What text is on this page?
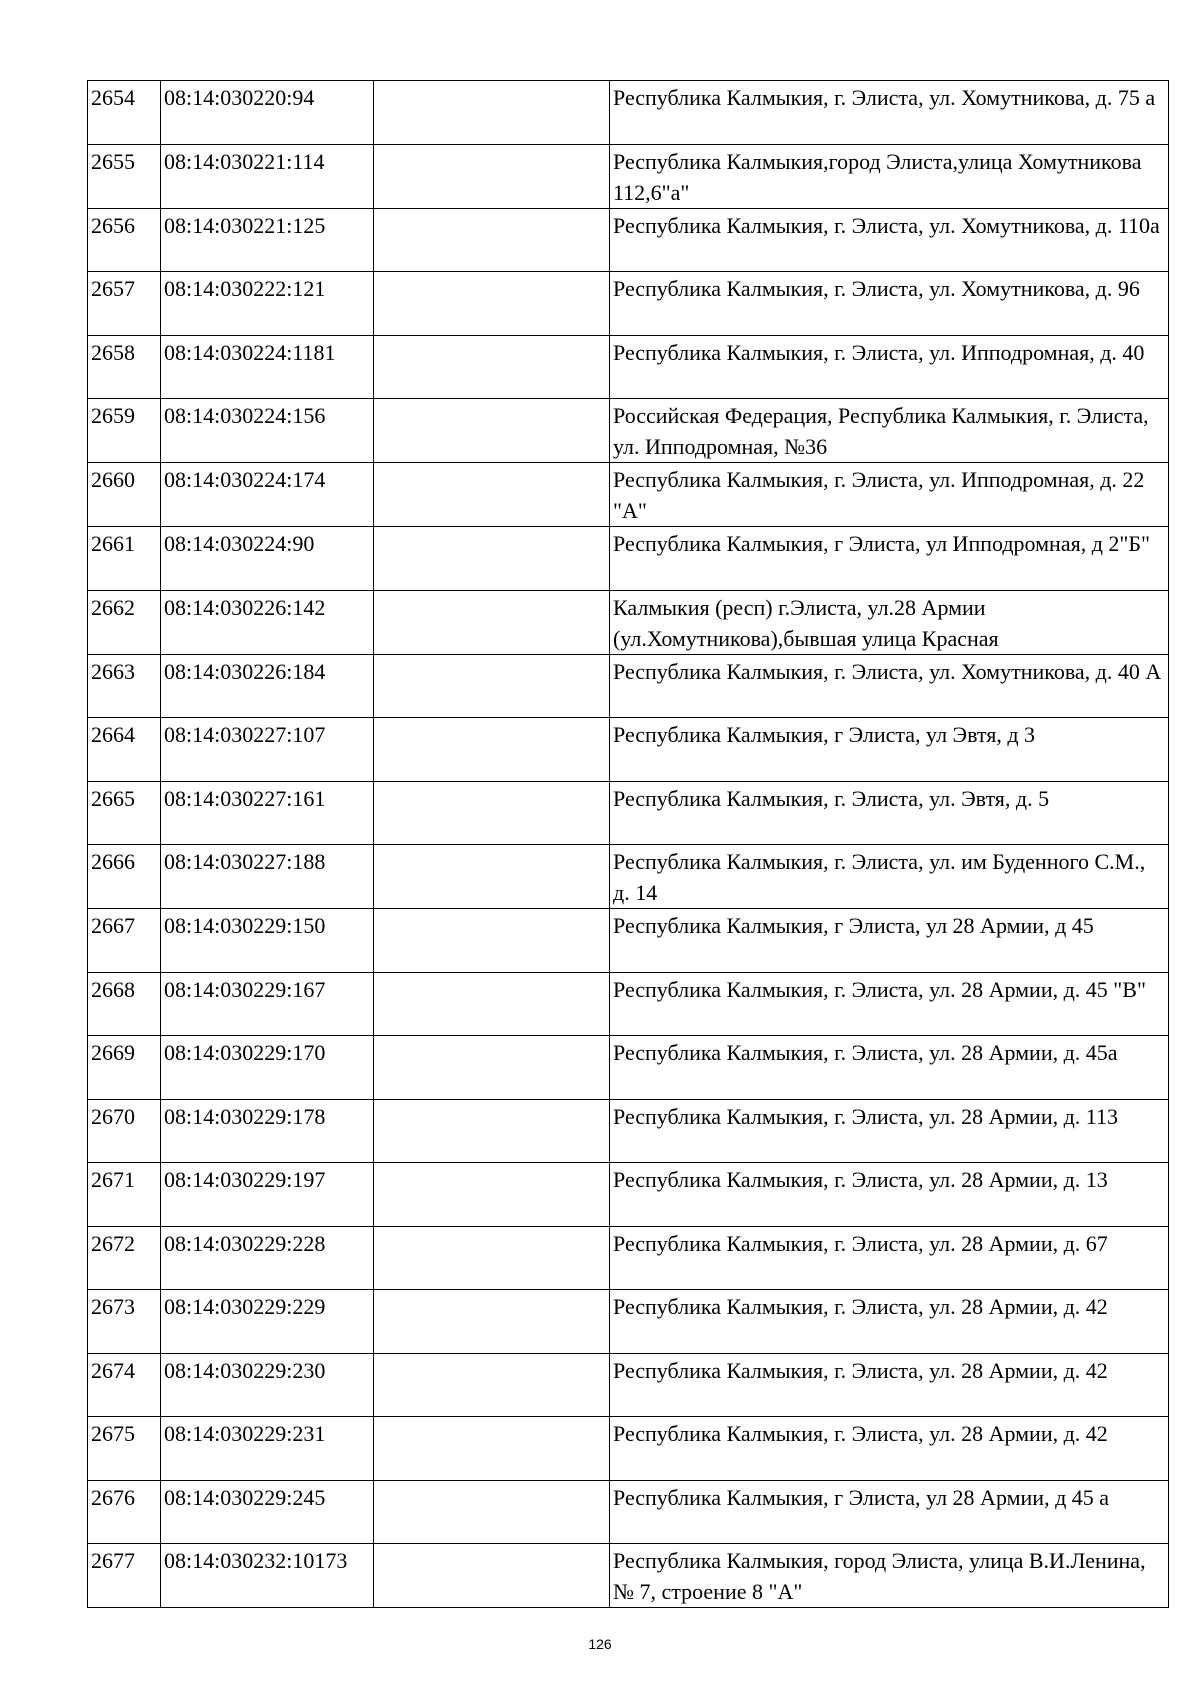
2654	08:14:030220:94		Республика Калмыкия, г. Элиста, ул. Хомутникова, д. 75 а
2655	08:14:030221:114		Республика Калмыкия,город Элиста,улица Хомутникова 112,6"а"
2656	08:14:030221:125		Республика Калмыкия, г. Элиста, ул. Хомутникова, д. 110а
2657	08:14:030222:121		Республика Калмыкия, г. Элиста, ул. Хомутникова, д. 96
2658	08:14:030224:1181		Республика Калмыкия, г. Элиста, ул. Ипподромная, д. 40
2659	08:14:030224:156		Российская Федерация, Республика Калмыкия, г. Элиста, ул. Ипподромная, №36
2660	08:14:030224:174		Республика Калмыкия, г. Элиста, ул. Ипподромная, д. 22 "А"
2661	08:14:030224:90		Республика Калмыкия, г Элиста, ул Ипподромная, д 2"Б"
2662	08:14:030226:142		Калмыкия (респ) г.Элиста, ул.28 Армии (ул.Хомутникова),бывшая улица Красная
2663	08:14:030226:184		Республика Калмыкия, г. Элиста, ул. Хомутникова, д. 40 А
2664	08:14:030227:107		Республика Калмыкия, г Элиста, ул Эвтя, д 3
2665	08:14:030227:161		Республика Калмыкия, г. Элиста, ул. Эвтя, д. 5
2666	08:14:030227:188		Республика Калмыкия, г. Элиста, ул. им Буденного С.М., д. 14
2667	08:14:030229:150		Республика Калмыкия, г Элиста, ул 28 Армии, д 45
2668	08:14:030229:167		Республика Калмыкия, г. Элиста, ул. 28 Армии, д. 45 "В"
2669	08:14:030229:170		Республика Калмыкия, г. Элиста, ул. 28 Армии, д. 45а
2670	08:14:030229:178		Республика Калмыкия, г. Элиста, ул. 28 Армии, д. 113
2671	08:14:030229:197		Республика Калмыкия, г. Элиста, ул. 28 Армии, д. 13
2672	08:14:030229:228		Республика Калмыкия, г. Элиста, ул. 28 Армии, д. 67
2673	08:14:030229:229		Республика Калмыкия, г. Элиста, ул. 28 Армии, д. 42
2674	08:14:030229:230		Республика Калмыкия, г. Элиста, ул. 28 Армии, д. 42
2675	08:14:030229:231		Республика Калмыкия, г. Элиста, ул. 28 Армии, д. 42
2676	08:14:030229:245		Республика Калмыкия, г Элиста, ул 28 Армии, д 45 а
2677	08:14:030232:10173		Республика Калмыкия, город Элиста, улица В.И.Ленина, № 7, строение 8 "А"
126
